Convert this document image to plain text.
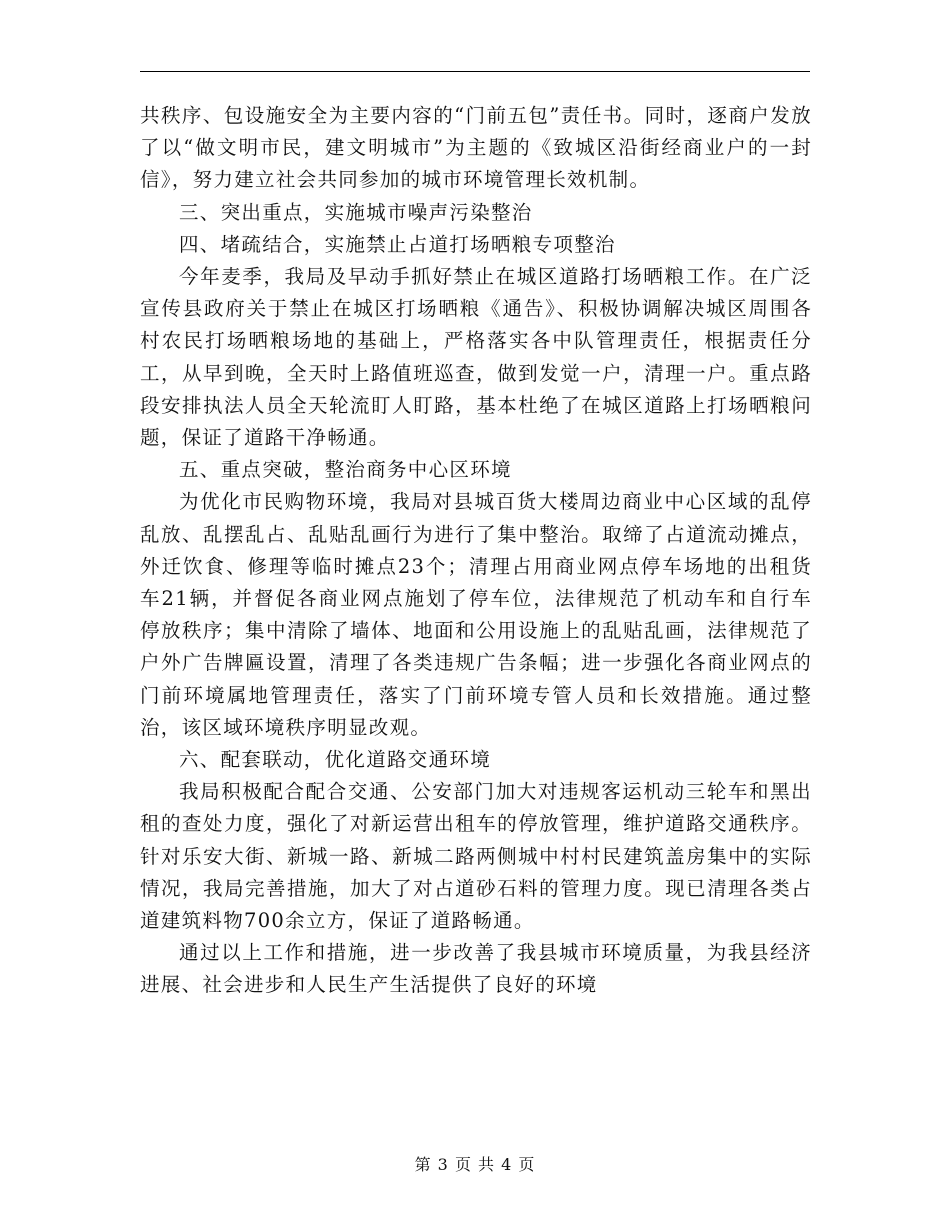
共秩序、包设施安全为主要内容的“门前五包”责任书。同时，逐商户发放了以“做文明市民，建文明城市”为主题的《致城区沿街经商业户的一封信》，努力建立社会共同参加的城市环境管理长效机制。

三、突出重点，实施城市噪声污染整治

四、堵疏结合，实施禁止占道打场晒粮专项整治

今年麦季，我局及早动手抓好禁止在城区道路打场晒粮工作。在广泛宣传县政府关于禁止在城区打场晒粮《通告》、积极协调解决城区周围各村农民打场晒粮场地的基础上，严格落实各中队管理责任，根据责任分工，从早到晚，全天时上路值班巡查，做到发觉一户，清理一户。重点路段安排执法人员全天轮流盯人盯路，基本杜绝了在城区道路上打场晒粮问题，保证了道路干净畅通。

五、重点突破，整治商务中心区环境

为优化市民购物环境，我局对县城百货大楼周边商业中心区域的乱停乱放、乱摆乱占、乱贴乱画行为进行了集中整治。取缔了占道流动摊点，外迁饮食、修理等临时摊点23个；清理占用商业网点停车场地的出租货车21辆，并督促各商业网点施划了停车位，法律规范了机动车和自行车停放秩序；集中清除了墙体、地面和公用设施上的乱贴乱画，法律规范了户外广告牌匾设置，清理了各类违规广告条幅；进一步强化各商业网点的门前环境属地管理责任，落实了门前环境专管人员和长效措施。通过整治，该区域环境秩序明显改观。

六、配套联动，优化道路交通环境

我局积极配合配合交通、公安部门加大对违规客运机动三轮车和黑出租的查处力度，强化了对新运营出租车的停放管理，维护道路交通秩序。针对乐安大街、新城一路、新城二路两侧城中村村民建筑盖房集中的实际情况，我局完善措施，加大了对占道砂石料的管理力度。现已清理各类占道建筑料物700余立方，保证了道路畅通。

通过以上工作和措施，进一步改善了我县城市环境质量，为我县经济进展、社会进步和人民生产生活提供了良好的环境

第 3 页 共 4 页
